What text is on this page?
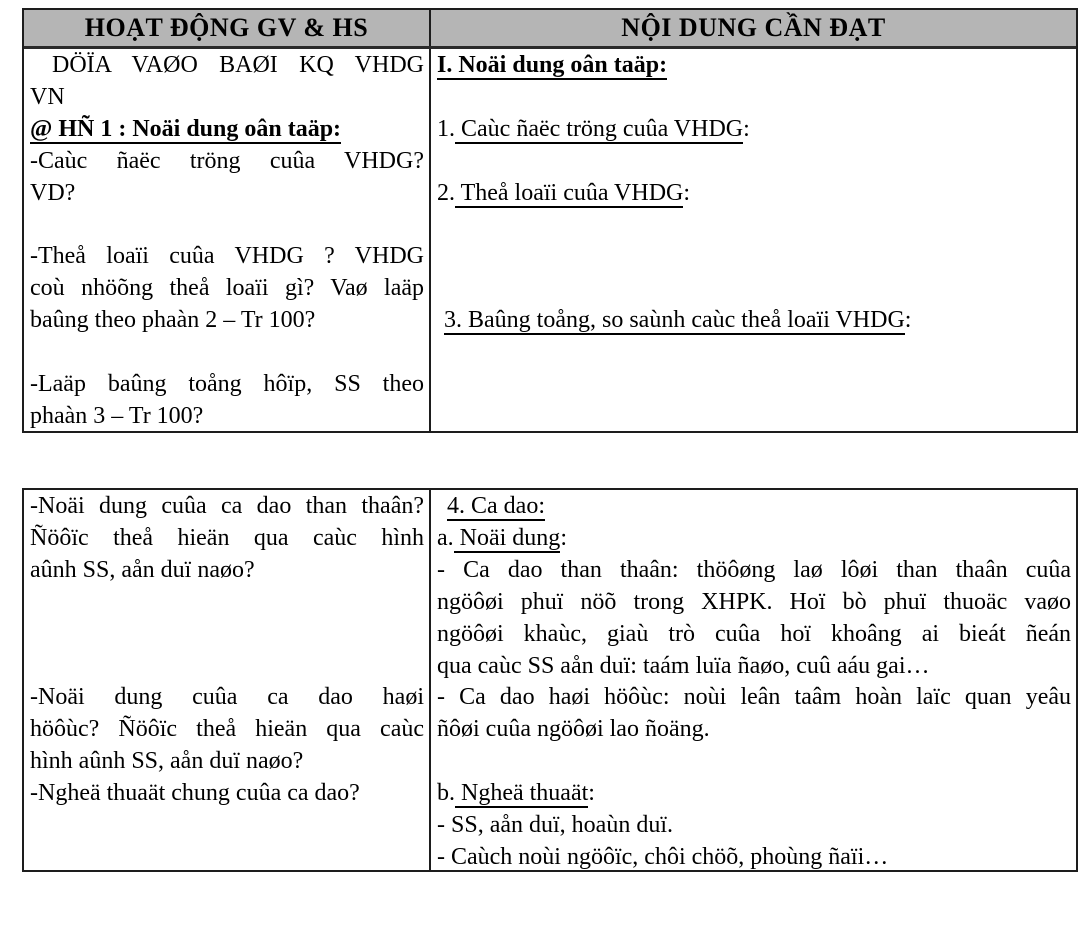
HOẠT ĐỘNG GV & HS	NỘI DUNG CẦN ĐẠT
DÖÏA VAØO BAØI KQ VHDG
VN
@ HÑ 1 : Noäi dung oân taäp:
-Caùc ñaëc tröng cuûa VHDG?
VD?

-Theå loaïi cuûa VHDG ? VHDG
coù nhöõng theå loaïi gì? Vaø laäp
baûng theo phaàn 2 – Tr 100?

-Laäp baûng toång hôïp, SS theo
phaàn 3 – Tr 100?
I. Noäi dung oân taäp:

1. Caùc ñaëc tröng cuûa VHDG:

2. Theå loaïi cuûa VHDG:

3. Baûng toång, so saùnh caùc theå loaïi VHDG:
-Noäi dung cuûa ca dao than thaân?
Ñöôïc theå hieän qua caùc hình
aûnh SS, aån duï naøo?

-Noäi dung cuûa ca dao haøi
höôùc? Ñöôïc theå hieän qua caùc
hình aûnh SS, aån duï naøo?
-Ngheä thuaät chung cuûa ca dao?
4. Ca dao:
a. Noäi dung:
- Ca dao than thaân: thöôøng laø lôøi than thaân cuûa
ngöôøi phuï nöõ trong XHPK. Hoï bò phuï thuoäc vaøo
ngöôøi khaùc, giaù trò cuûa hoï khoâng ai bieát ñeán
qua caùc SS aån duï: taám luïa ñaøo, cuû aáu gai…
- Ca dao haøi höôùc: noùi leân taâm hoàn laïc quan yeâu
ñôøi cuûa ngöôøi lao ñoäng.

b. Ngheä thuaät:
- SS, aån duï, hoaùn duï.
- Caùch noùi ngöôïc, chôi chöõ, phoùng ñaïi…
